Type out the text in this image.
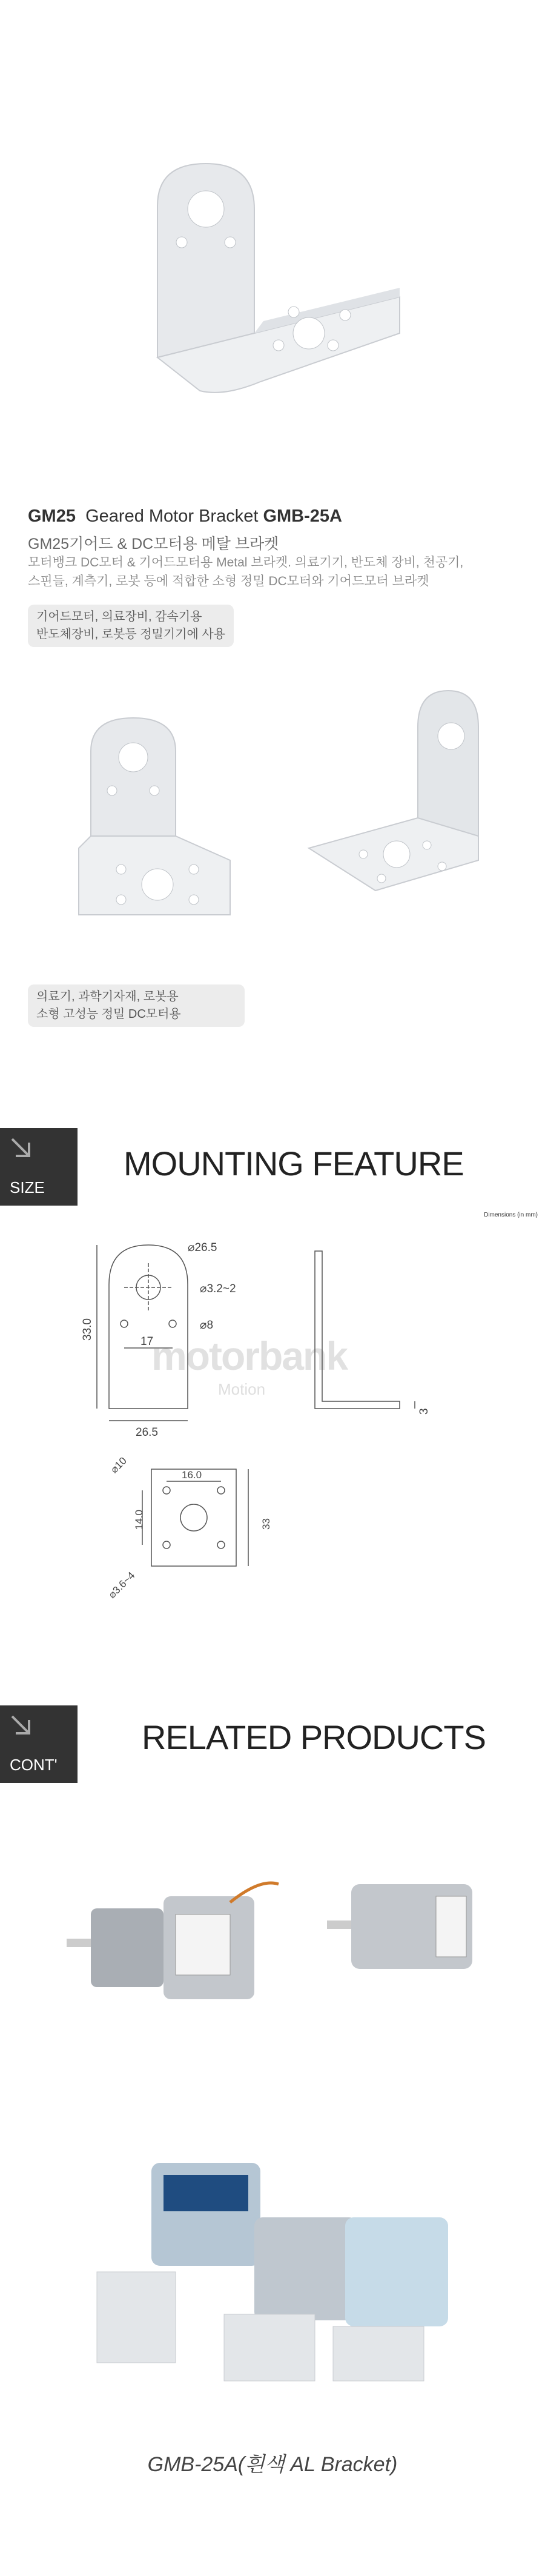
GM25 Geared Motor Bracket GMB-25A
GM25기어드 & DC모터용 메탈 브라켓
모터뱅크 DC모터 & 기어드모터용 Metal 브라켓. 의료기기, 반도체 장비, 천공기,
스핀들, 계측기, 로봇 등에 적합한 소형 정밀 DC모터와 기어드모터 브라켓
기어드모터, 의료장비, 감속기용
반도체장비, 로봇등 정밀기기에 사용
의료기, 과학기자재, 로봇용
소형 고성능 정밀 DC모터용
SIZE
MOUNTING FEATURE
Dimensions (in mm)
motorbank
Motion
⌀26.5
⌀3.2~2
⌀8
33.0
17
26.5
3
⌀10	16.0
14.0	33
⌀3.6~4
CONT'
RELATED PRODUCTS
GMB-25A(흰색 AL Bracket)
